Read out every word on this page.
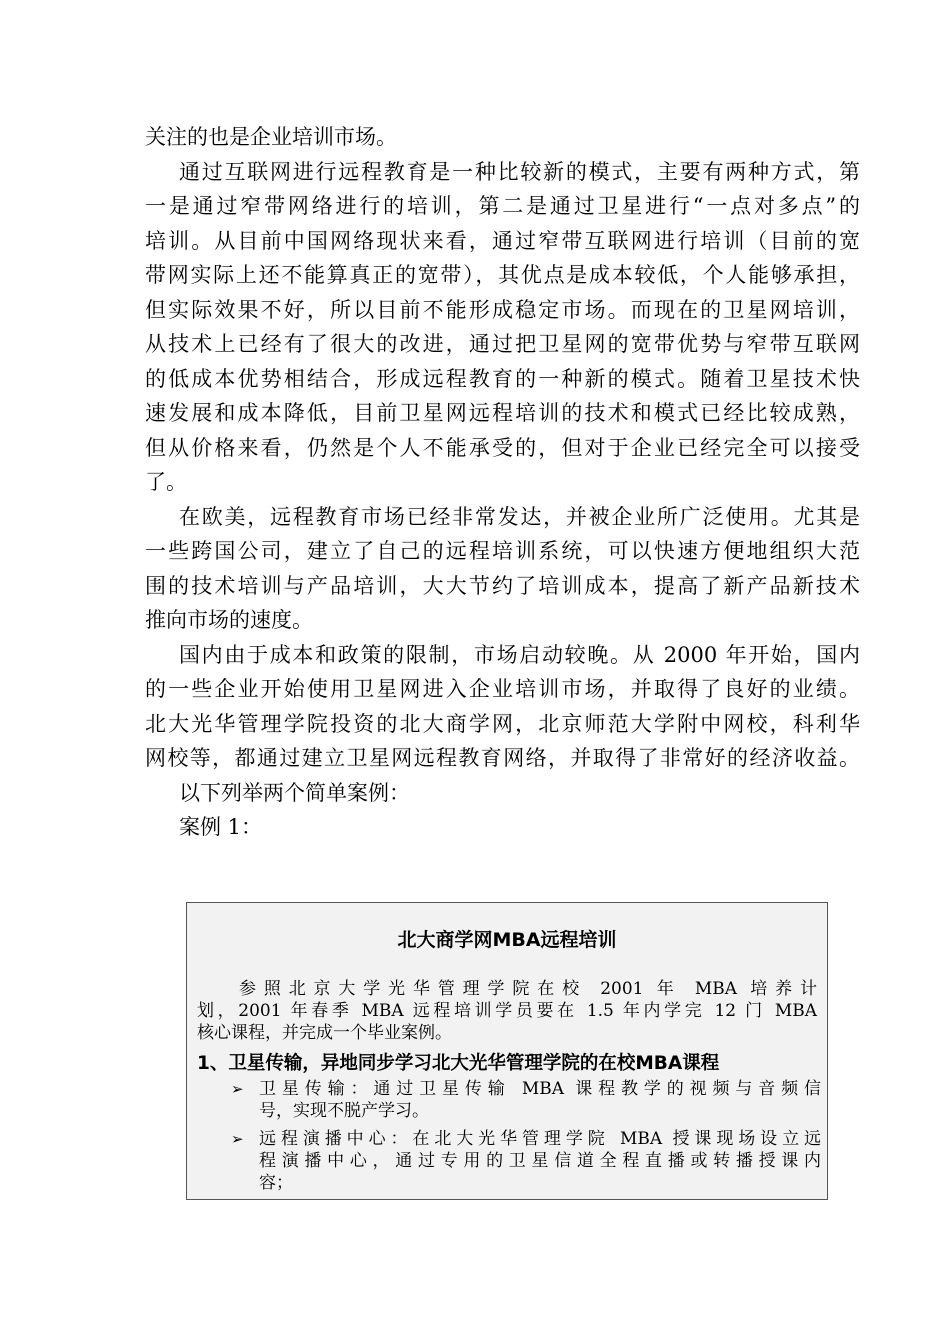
关注的也是企业培训市场。
通过互联网进行远程教育是一种比较新的模式，主要有两种方式，第
一是通过窄带网络进行的培训，第二是通过卫星进行“一点对多点”的
培训。从目前中国网络现状来看，通过窄带互联网进行培训（目前的宽
带网实际上还不能算真正的宽带），其优点是成本较低，个人能够承担，
但实际效果不好，所以目前不能形成稳定市场。而现在的卫星网培训，
从技术上已经有了很大的改进，通过把卫星网的宽带优势与窄带互联网
的低成本优势相结合，形成远程教育的一种新的模式。随着卫星技术快
速发展和成本降低，目前卫星网远程培训的技术和模式已经比较成熟，
但从价格来看，仍然是个人不能承受的，但对于企业已经完全可以接受
了。
在欧美，远程教育市场已经非常发达，并被企业所广泛使用。尤其是
一些跨国公司，建立了自己的远程培训系统，可以快速方便地组织大范
围的技术培训与产品培训，大大节约了培训成本，提高了新产品新技术
推向市场的速度。
国内由于成本和政策的限制，市场启动较晚。从 2000 年开始，国内
的一些企业开始使用卫星网进入企业培训市场，并取得了良好的业绩。
北大光华管理学院投资的北大商学网，北京师范大学附中网校，科利华
网校等，都通过建立卫星网远程教育网络，并取得了非常好的经济收益。
以下列举两个简单案例：
案例 1：
北大商学网MBA远程培训
参照北京大学光华管理学院在校 2001 年 MBA 培养计
划，2001 年春季 MBA 远程培训学员要在 1.5 年内学完 12 门 MBA
核心课程，并完成一个毕业案例。
1、卫星传输，异地同步学习北大光华管理学院的在校MBA课程
➢ 卫星传输：通过卫星传输 MBA 课程教学的视频与音频信
号，实现不脱产学习。
➢ 远程演播中心：在北大光华管理学院 MBA 授课现场设立远
程演播中心，通过专用的卫星信道全程直播或转播授课内
容；
